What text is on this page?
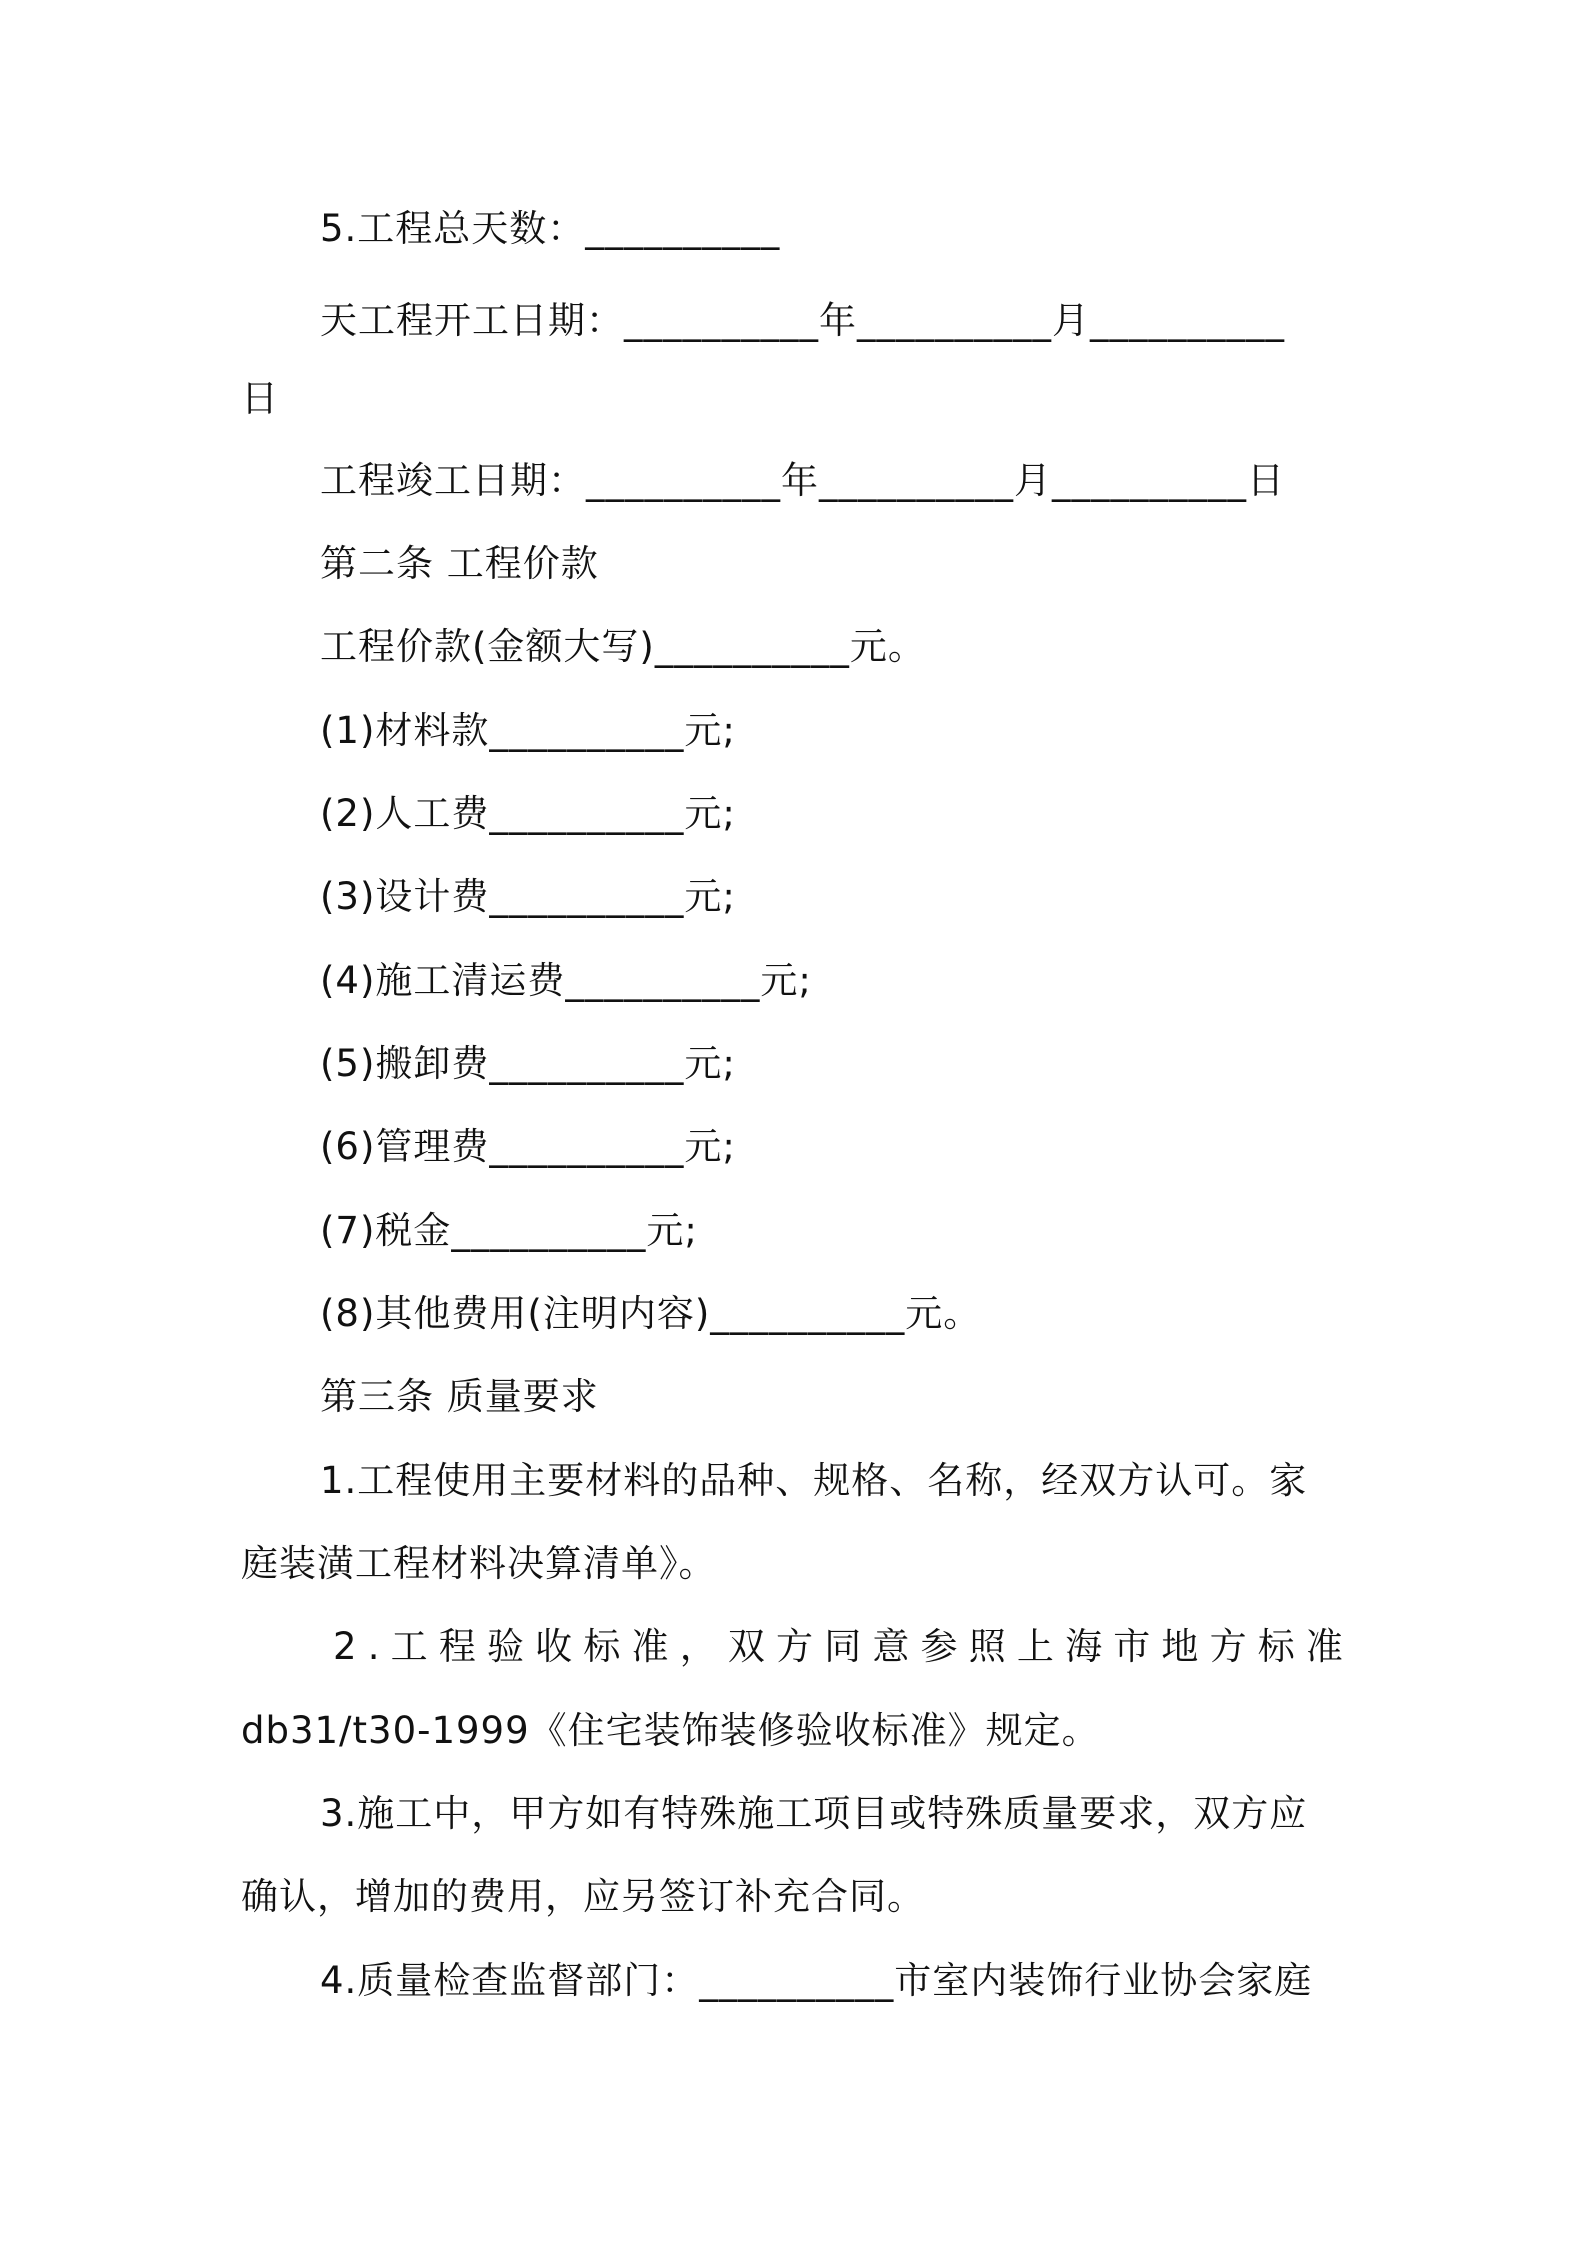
5.工程总天数：__________
天工程开工日期：__________年__________月__________
日
工程竣工日期：__________年__________月__________日
第二条 工程价款
工程价款(金额大写)__________元。
(1)材料款__________元;
(2)人工费__________元;
(3)设计费__________元;
(4)施工清运费__________元;
(5)搬卸费__________元;
(6)管理费__________元;
(7)税金__________元;
(8)其他费用(注明内容)__________元。
第三条 质量要求
1.工程使用主要材料的品种、规格、名称，经双方认可。家
庭装潢工程材料决算清单》。
2 . 工 程 验 收 标 准 ， 双 方 同 意 参 照 上 海 市 地 方 标 准
db31/t30-1999《住宅装饰装修验收标准》规定。
3.施工中，甲方如有特殊施工项目或特殊质量要求，双方应
确认，增加的费用，应另签订补充合同。
4.质量检查监督部门：__________市室内装饰行业协会家庭
